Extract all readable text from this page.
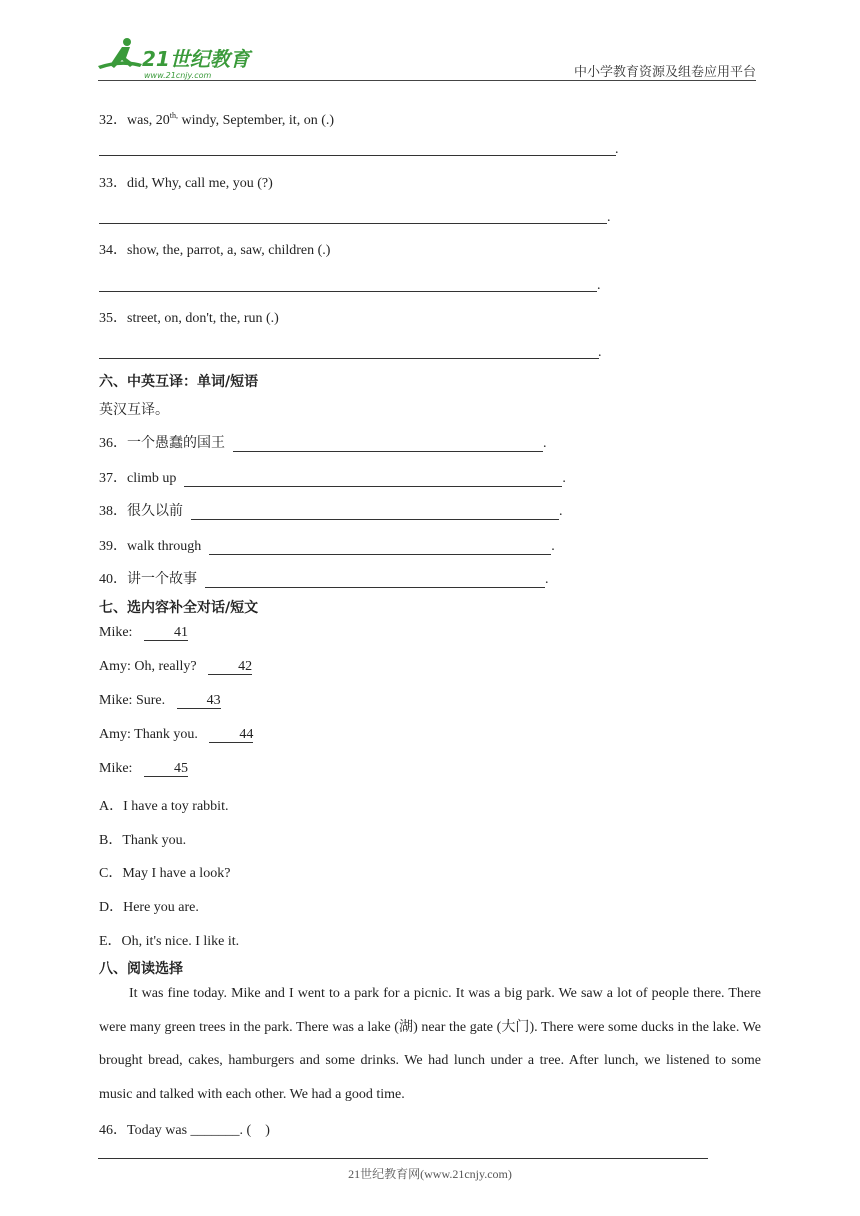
21世纪教育
www.21cnjy.com	中小学教育资源及组卷应用平台
32．was, $20^{th,}$ windy, September, it, on (.)
.
33．did, Why, call me, you (?)
.
34．show, the, parrot, a, saw, children (.)
.
35．street, on, don't, the, run (.)
.
六、中英互译：单词/短语
英汉互译。
36． 一个愚蠢的国王	.
37． climb up	.
38． 很久以前	.
39． walk through	.
40． 讲一个故事	.
七、选内容补全对话/短文
Mike:	41
Amy: Oh, really?	42
Mike: Sure.	43
Amy: Thank you.	44
Mike:	45
A．I have a toy rabbit.
B．Thank you.
C．May I have a look?
D．Here you are.
E．Oh, it's nice. I like it.
八、阅读选择

It was fine today. Mike and I went to a park for a picnic. It was a big park. We saw a lot of people there. There were many green trees in the park. There was a lake (湖) near the gate (大门). There were some ducks in the lake. We brought bread, cakes, hamburgers and some drinks. We had lunch under a tree. After lunch, we listened to some music and talked with each other. We had a good time.

46．Today was _______. (　)
21世纪教育网(www.21cnjy.com)
